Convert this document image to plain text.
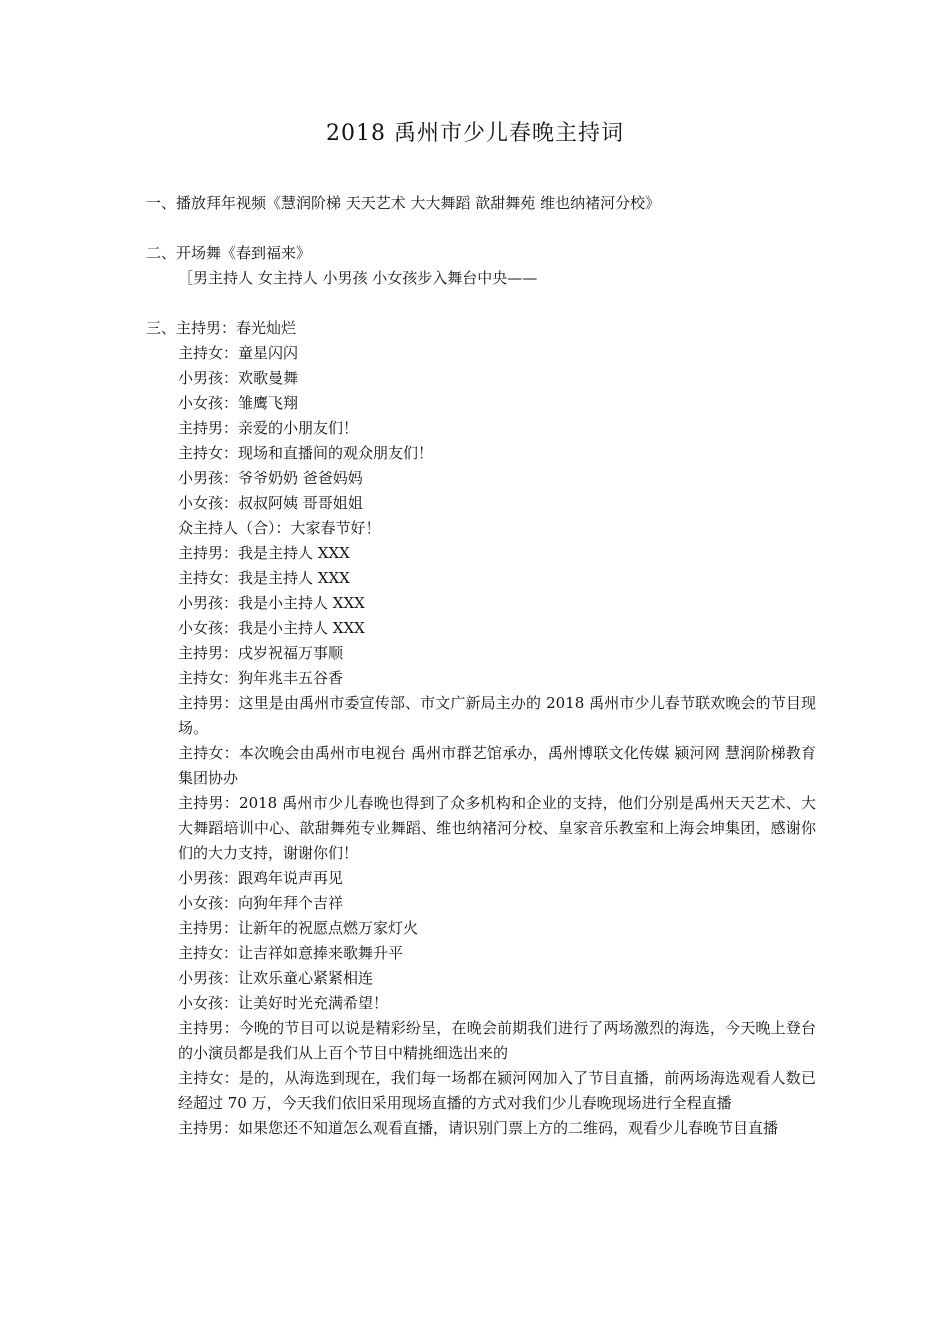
2018 禹州市少儿春晚主持词
一、播放拜年视频《慧润阶梯 天天艺术 大大舞蹈 歆甜舞苑 维也纳褚河分校》
二、开场舞《春到福来》
［男主持人 女主持人 小男孩 小女孩步入舞台中央——
三、主持男：春光灿烂
主持女：童星闪闪
小男孩：欢歌曼舞
小女孩：雏鹰飞翔
主持男：亲爱的小朋友们！
主持女：现场和直播间的观众朋友们！
小男孩：爷爷奶奶 爸爸妈妈
小女孩：叔叔阿姨 哥哥姐姐
众主持人（合）：大家春节好！
主持男：我是主持人 XXX
主持女：我是主持人 XXX
小男孩：我是小主持人 XXX
小女孩：我是小主持人 XXX
主持男：戌岁祝福万事顺
主持女：狗年兆丰五谷香
主持男：这里是由禹州市委宣传部、市文广新局主办的 2018 禹州市少儿春节联欢晚会的节目现场。
主持女：本次晚会由禹州市电视台 禹州市群艺馆承办，禹州博联文化传媒 颍河网 慧润阶梯教育集团协办
主持男：2018 禹州市少儿春晚也得到了众多机构和企业的支持，他们分别是禹州天天艺术、大大舞蹈培训中心、歆甜舞苑专业舞蹈、维也纳褚河分校、皇家音乐教室和上海会坤集团，感谢你们的大力支持，谢谢你们！
小男孩：跟鸡年说声再见
小女孩：向狗年拜个吉祥
主持男：让新年的祝愿点燃万家灯火
主持女：让吉祥如意捧来歌舞升平
小男孩：让欢乐童心紧紧相连
小女孩：让美好时光充满希望！
主持男：今晚的节目可以说是精彩纷呈，在晚会前期我们进行了两场激烈的海选，今天晚上登台的小演员都是我们从上百个节目中精挑细选出来的
主持女：是的，从海选到现在，我们每一场都在颍河网加入了节目直播，前两场海选观看人数已经超过 70 万，今天我们依旧采用现场直播的方式对我们少儿春晚现场进行全程直播
主持男：如果您还不知道怎么观看直播，请识别门票上方的二维码，观看少儿春晚节目直播
